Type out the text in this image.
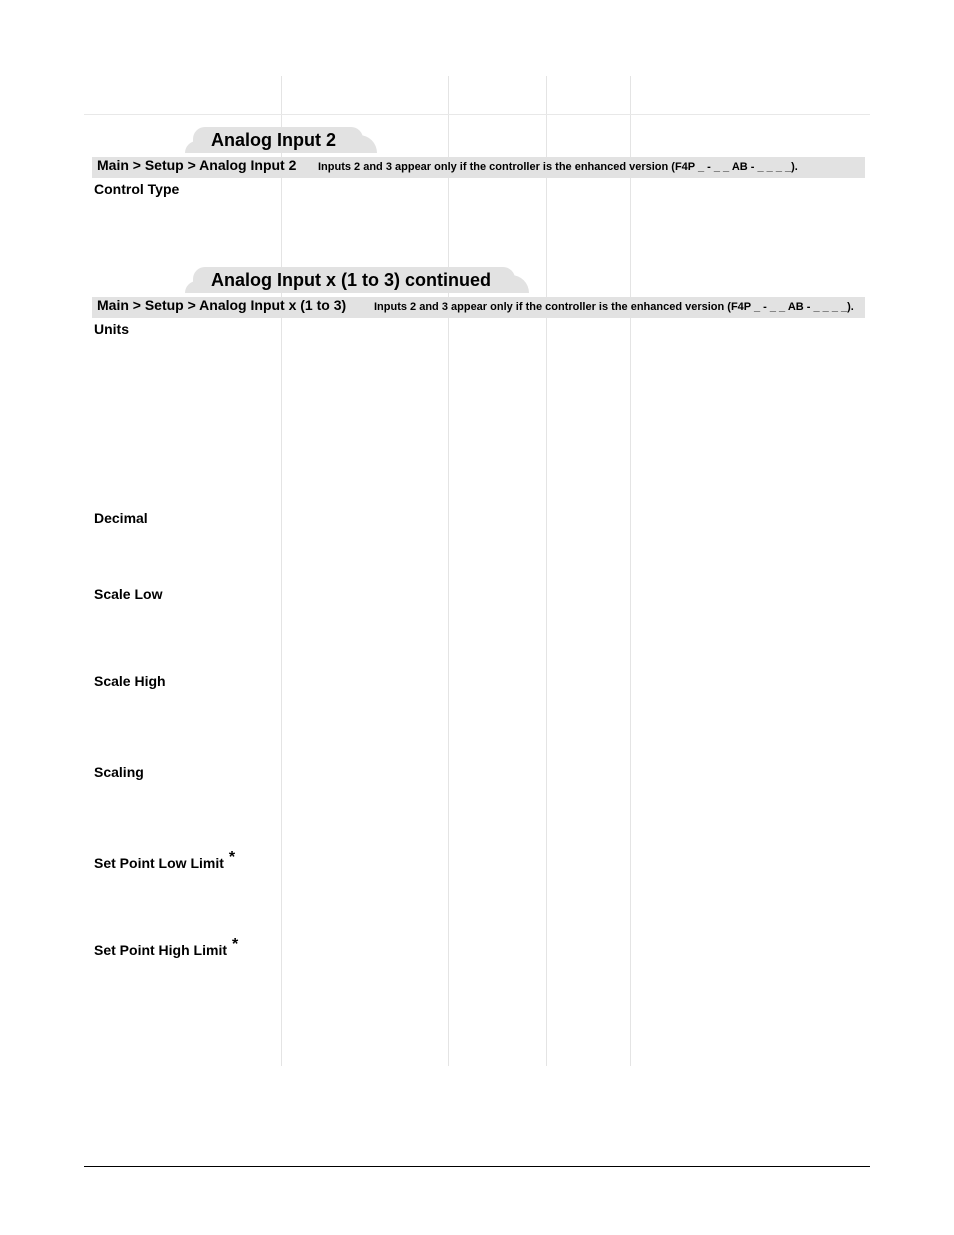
Analog Input 2
Main > Setup > Analog Input 2 Inputs 2 and 3 appear only if the controller is the enhanced version (F4P _ - _ _ AB - _ _ _ _).
Control Type
Analog Input x (1 to 3) continued
Main > Setup > Analog Input x (1 to 3)	Inputs 2 and 3 appear only if the controller is the enhanced version (F4P _ - _ _ AB - _ _ _ _).
Units
Decimal
Scale Low
Scale High
Scaling
Set Point Low Limit *
Set Point High Limit *
